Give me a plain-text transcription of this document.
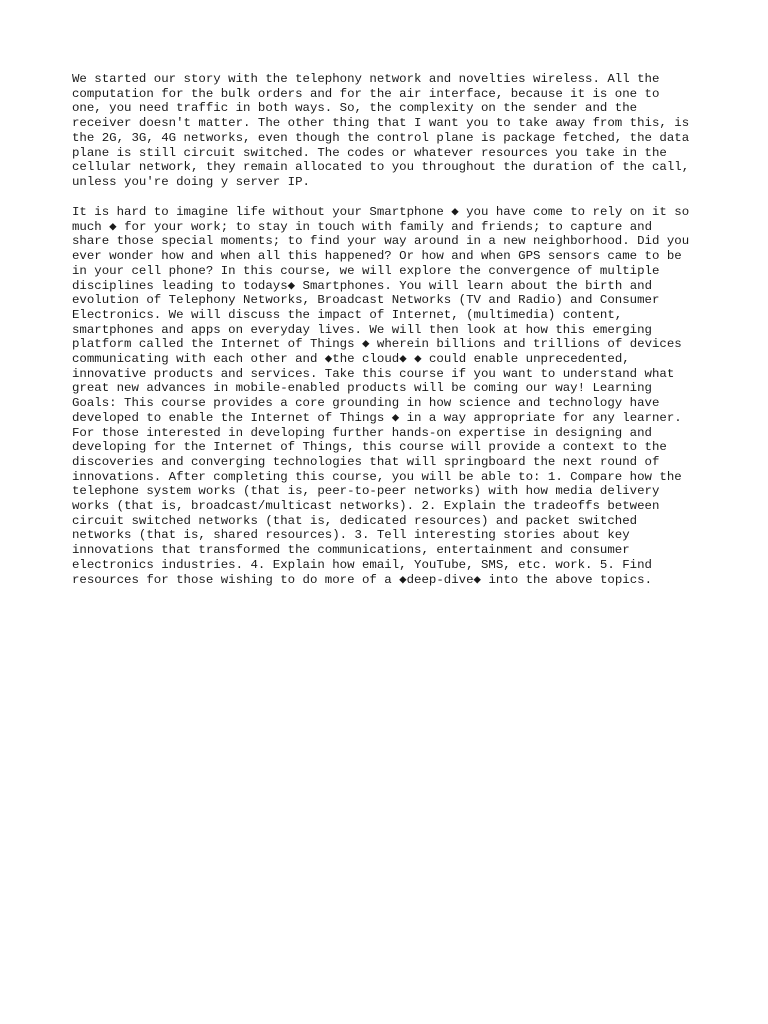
We started our story with the telephony network and novelties wireless. All the
computation for the bulk orders and for the air interface, because it is one to
one, you need traffic in both ways. So, the complexity on the sender and the
receiver doesn't matter. The other thing that I want you to take away from this, is
the 2G, 3G, 4G networks, even though the control plane is package fetched, the data
plane is still circuit switched. The codes or whatever resources you take in the
cellular network, they remain allocated to you throughout the duration of the call,
unless you're doing y server IP.

It is hard to imagine life without your Smartphone ◆ you have come to rely on it so
much ◆ for your work; to stay in touch with family and friends; to capture and
share those special moments; to find your way around in a new neighborhood. Did you
ever wonder how and when all this happened? Or how and when GPS sensors came to be
in your cell phone? In this course, we will explore the convergence of multiple
disciplines leading to todays◆ Smartphones. You will learn about the birth and
evolution of Telephony Networks, Broadcast Networks (TV and Radio) and Consumer
Electronics. We will discuss the impact of Internet, (multimedia) content,
smartphones and apps on everyday lives. We will then look at how this emerging
platform called the Internet of Things ◆ wherein billions and trillions of devices
communicating with each other and ◆the cloud◆ ◆ could enable unprecedented,
innovative products and services. Take this course if you want to understand what
great new advances in mobile-enabled products will be coming our way! Learning
Goals: This course provides a core grounding in how science and technology have
developed to enable the Internet of Things ◆ in a way appropriate for any learner.
For those interested in developing further hands-on expertise in designing and
developing for the Internet of Things, this course will provide a context to the
discoveries and converging technologies that will springboard the next round of
innovations. After completing this course, you will be able to: 1. Compare how the
telephone system works (that is, peer-to-peer networks) with how media delivery
works (that is, broadcast/multicast networks). 2. Explain the tradeoffs between
circuit switched networks (that is, dedicated resources) and packet switched
networks (that is, shared resources). 3. Tell interesting stories about key
innovations that transformed the communications, entertainment and consumer
electronics industries. 4. Explain how email, YouTube, SMS, etc. work. 5. Find
resources for those wishing to do more of a ◆deep-dive◆ into the above topics.
